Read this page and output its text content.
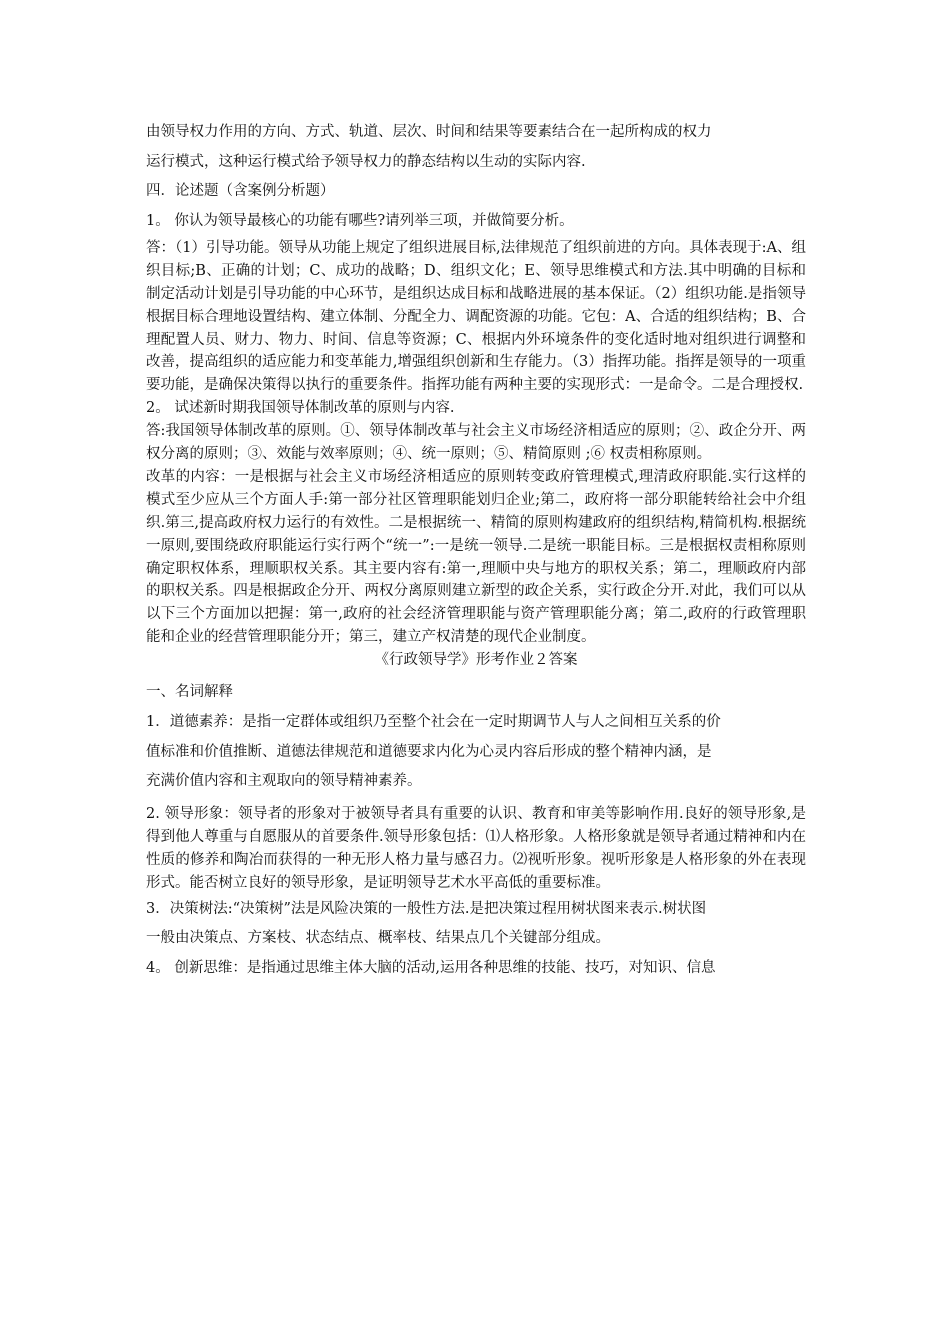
由领导权力作用的方向、方式、轨道、层次、时间和结果等要素结合在一起所构成的权力

运行模式，这种运行模式给予领导权力的静态结构以生动的实际内容.

四．论述题（含案例分析题）

1。 你认为领导最核心的功能有哪些?请列举三项，并做简要分析。

答：（1）引导功能。领导从功能上规定了组织进展目标,法律规范了组织前进的方向。具体表现于:A、组织目标;B、正确的计划；C、成功的战略；D、组织文化；E、领导思维模式和方法.其中明确的目标和制定活动计划是引导功能的中心环节，是组织达成目标和战略进展的基本保证。（2）组织功能.是指领导根据目标合理地设置结构、建立体制、分配全力、调配资源的功能。它包：A、合适的组织结构；B、合理配置人员、财力、物力、时间、信息等资源；C、根据内外环境条件的变化适时地对组织进行调整和改善，提高组织的适应能力和变革能力,增强组织创新和生存能力。（3）指挥功能。指挥是领导的一项重要功能，是确保决策得以执行的重要条件。指挥功能有两种主要的实现形式：一是命令。二是合理授权.

2。 试述新时期我国领导体制改革的原则与内容.

答:我国领导体制改革的原则。①、领导体制改革与社会主义市场经济相适应的原则；②、政企分开、两权分离的原则；③、效能与效率原则；④、统一原则；⑤、精简原则 ;⑥ 权责相称原则。

改革的内容：一是根据与社会主义市场经济相适应的原则转变政府管理模式,理清政府职能.实行这样的模式至少应从三个方面人手:第一部分社区管理职能划归企业;第二，政府将一部分职能转给社会中介组织.第三,提高政府权力运行的有效性。二是根据统一、精简的原则构建政府的组织结构,精简机构.根据统一原则,要围绕政府职能运行实行两个“统一”:一是统一领导.二是统一职能目标。三是根据权责相称原则确定职权体系，理顺职权关系。其主要内容有:第一,理顺中央与地方的职权关系；第二，理顺政府内部的职权关系。四是根据政企分开、两权分离原则建立新型的政企关系，实行政企分开.对此，我们可以从以下三个方面加以把握：第一,政府的社会经济管理职能与资产管理职能分离；第二,政府的行政管理职能和企业的经营管理职能分开；第三，建立产权清楚的现代企业制度。

《行政领导学》形考作业２答案

一、名词解释

1．道德素养：是指一定群体或组织乃至整个社会在一定时期调节人与人之间相互关系的价

值标准和价值推断、道德法律规范和道德要求内化为心灵内容后形成的整个精神内涵，是

充满价值内容和主观取向的领导精神素养。

2. 领导形象：领导者的形象对于被领导者具有重要的认识、教育和审美等影响作用.良好的领导形象,是得到他人尊重与自愿服从的首要条件.领导形象包括：⑴人格形象。人格形象就是领导者通过精神和内在性质的修养和陶冶而获得的一种无形人格力量与感召力。⑵视听形象。视听形象是人格形象的外在表现形式。能否树立良好的领导形象，是证明领导艺术水平高低的重要标准。

3．决策树法:“决策树”法是风险决策的一般性方法.是把决策过程用树状图来表示.树状图

一般由决策点、方案枝、状态结点、概率枝、结果点几个关键部分组成。

4。 创新思维：是指通过思维主体大脑的活动,运用各种思维的技能、技巧，对知识、信息
